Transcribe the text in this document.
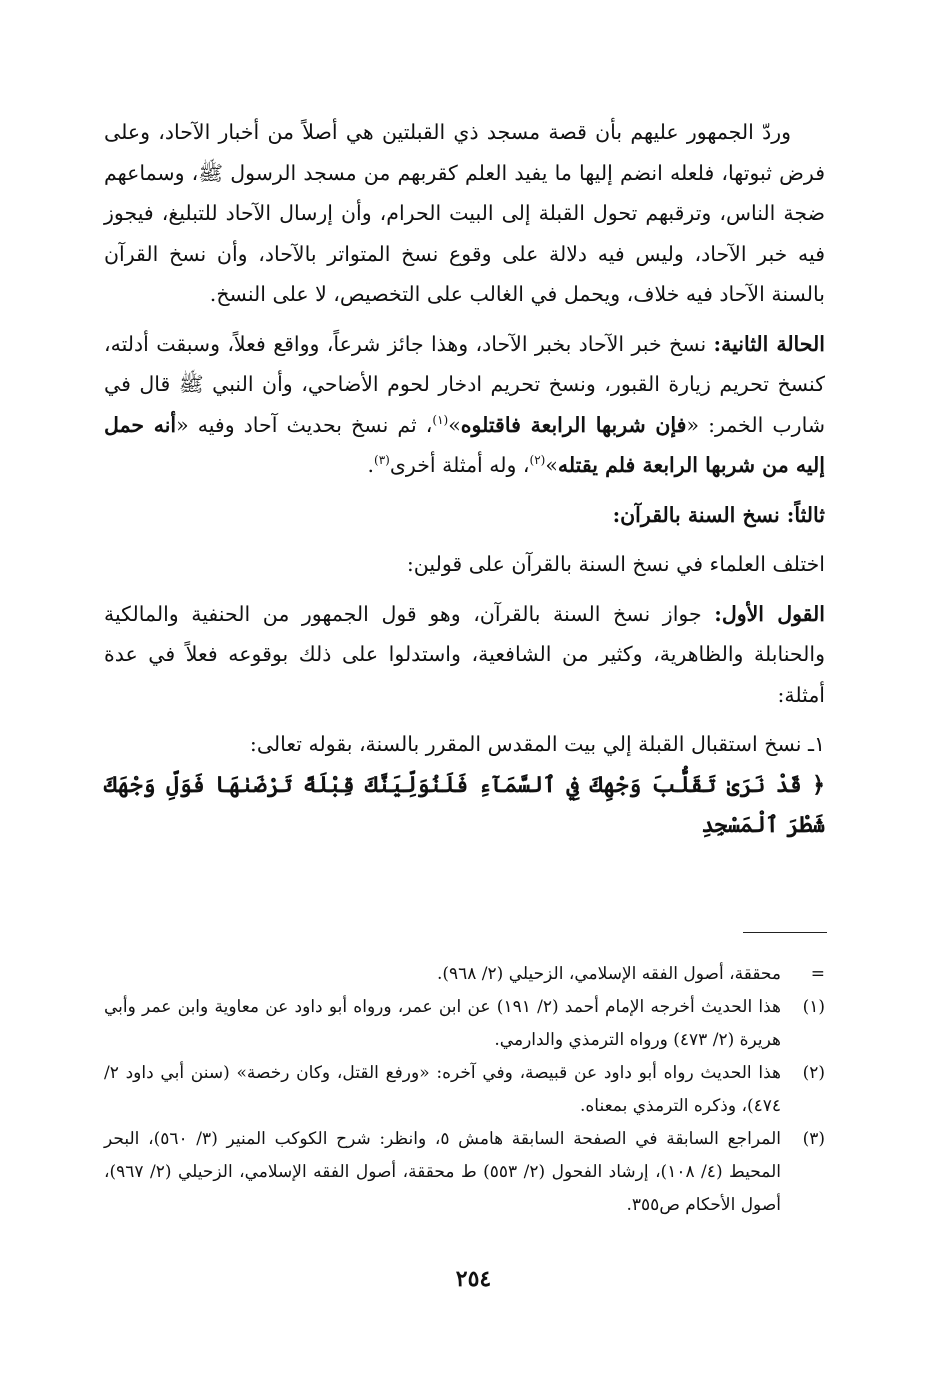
وردّ الجمهور عليهم بأن قصة مسجد ذي القبلتين هي أصلاً من أخبار الآحاد، وعلى فرض ثبوتها، فلعله انضم إليها ما يفيد العلم كقربهم من مسجد الرسول ﷺ، وسماعهم ضجة الناس، وترقبهم تحول القبلة إلى البيت الحرام، وأن إرسال الآحاد للتبليغ، فيجوز فيه خبر الآحاد، وليس فيه دلالة على وقوع نسخ المتواتر بالآحاد، وأن نسخ القرآن بالسنة الآحاد فيه خلاف، ويحمل في الغالب على التخصيص، لا على النسخ.

الحالة الثانية: نسخ خبر الآحاد بخبر الآحاد، وهذا جائز شرعاً، وواقع فعلاً، وسبقت أدلته، كنسخ تحريم زيارة القبور، ونسخ تحريم ادخار لحوم الأضاحي، وأن النبي ﷺ قال في شارب الخمر: «فإن شربها الرابعة فاقتلوه»$^{(١)}$، ثم نسخ بحديث آحاد وفيه «أنه حمل إليه من شربها الرابعة فلم يقتله»$^{(٢)}$، وله أمثلة أخرى$^{(٣)}$.

ثالثاً: نسخ السنة بالقرآن:

اختلف العلماء في نسخ السنة بالقرآن على قولين:

القول الأول: جواز نسخ السنة بالقرآن، وهو قول الجمهور من الحنفية والمالكية والحنابلة والظاهرية، وكثير من الشافعية، واستدلوا على ذلك بوقوعه فعلاً في عدة أمثلة:

١ـ نسخ استقبال القبلة إلي بيت المقدس المقرر بالسنة، بقوله تعالى:

﴿ قَدْ نَرَىٰ تَقَلُّبَ وَجْهِكَ فِي ٱلسَّمَآءِ فَلَنُوَلِّيَنَّكَ قِبْلَةً تَرْضَىٰهَا فَوَلِّ وَجْهَكَ شَطْرَ ٱلْمَسْجِدِ

=
محققة، أصول الفقه الإسلامي، الزحيلي (٢/ ٩٦٨).
(١)
هذا الحديث أخرجه الإمام أحمد (٢/ ١٩١) عن ابن عمر، ورواه أبو داود عن معاوية وابن عمر وأبي هريرة (٢/ ٤٧٣) ورواه الترمذي والدارمي.
(٢)
هذا الحديث رواه أبو داود عن قبيصة، وفي آخره: «ورفع القتل، وكان رخصة» (سنن أبي داود ٢/ ٤٧٤)، وذكره الترمذي بمعناه.
(٣)
المراجع السابقة في الصفحة السابقة هامش ٥، وانظر: شرح الكوكب المنير (٣/ ٥٦٠)، البحر المحيط (٤/ ١٠٨)، إرشاد الفحول (٢/ ٥٥٣) ط محققة، أصول الفقه الإسلامي، الزحيلي (٢/ ٩٦٧)، أصول الأحكام ص٣٥٥.
٢٥٤
